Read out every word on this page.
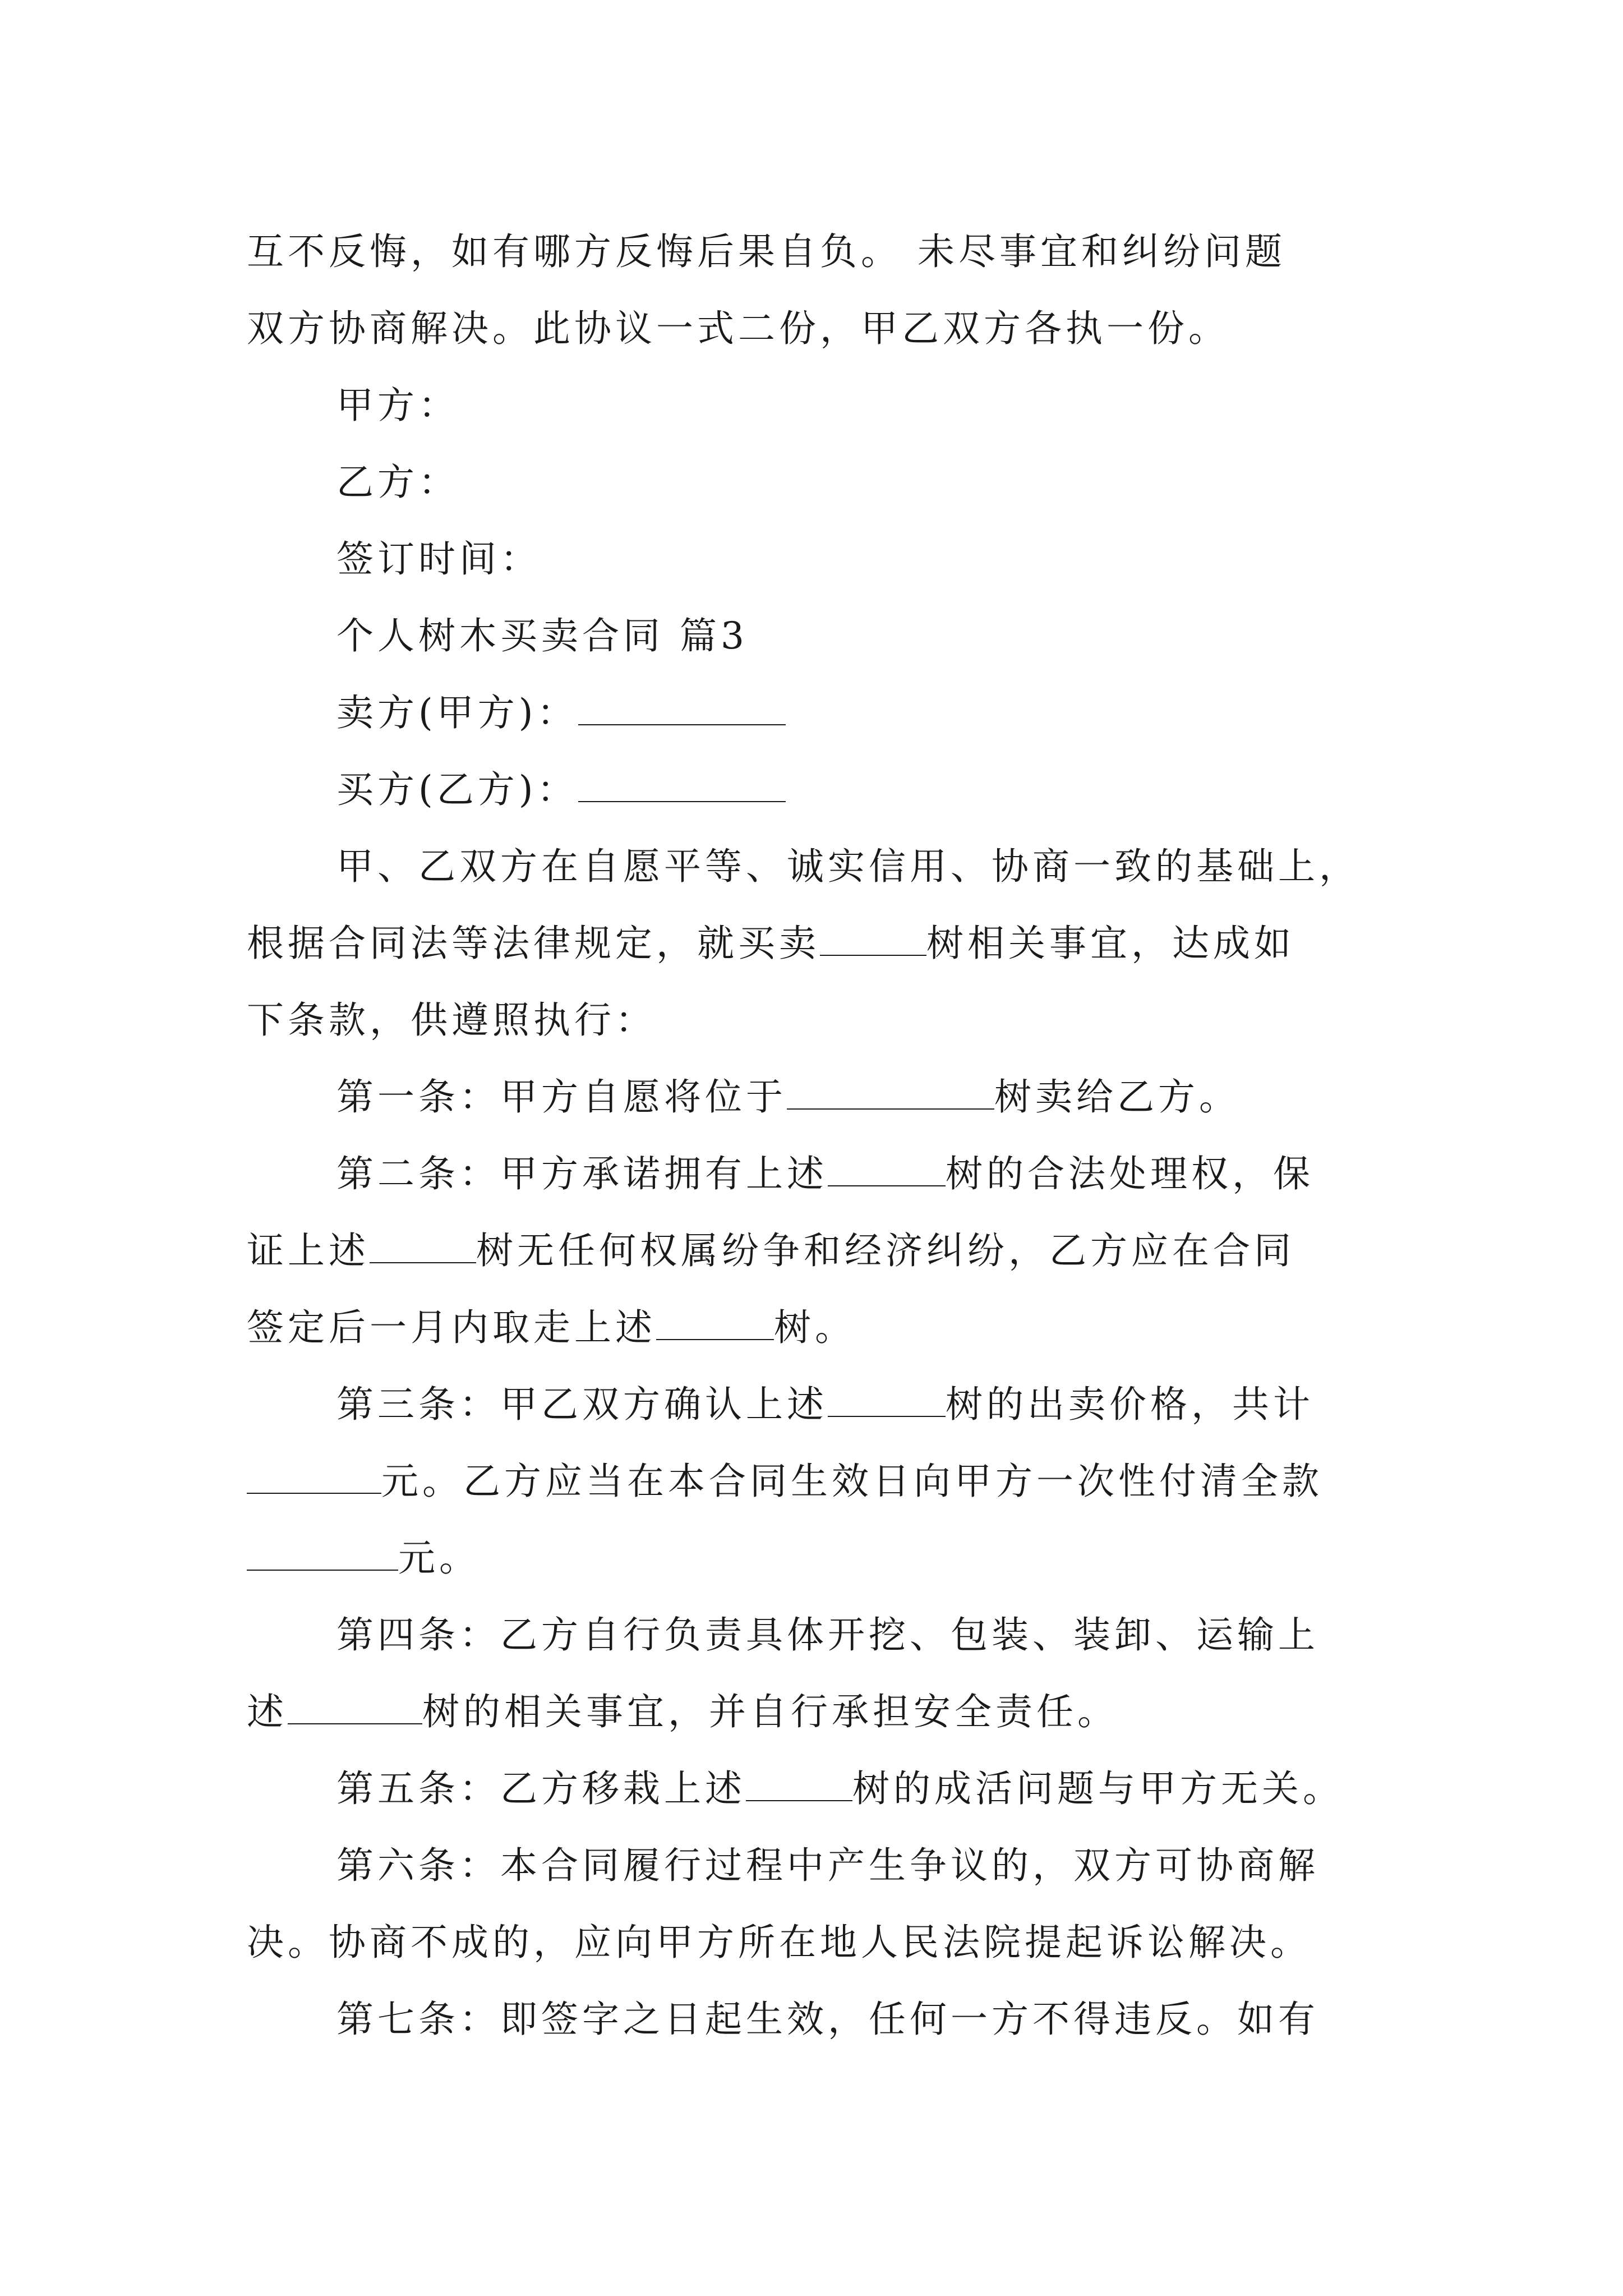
互不反悔，如有哪方反悔后果自负。 未尽事宜和纠纷问题
双方协商解决。此协议一式二份，甲乙双方各执一份。
甲方：
乙方：
签订时间：
个人树木买卖合同 篇3
卖方(甲方)：
买方(乙方)：
甲、乙双方在自愿平等、诚实信用、协商一致的基础上，
根据合同法等法律规定，就买卖	树相关事宜，达成如
下条款，供遵照执行：
第一条：甲方自愿将位于	树卖给乙方。
第二条：甲方承诺拥有上述	树的合法处理权，保
证上述	树无任何权属纷争和经济纠纷，乙方应在合同
签定后一月内取走上述	树。
第三条：甲乙双方确认上述	树的出卖价格，共计
元。乙方应当在本合同生效日向甲方一次性付清全款
元。
第四条：乙方自行负责具体开挖、包装、装卸、运输上
述	树的相关事宜，并自行承担安全责任。
第五条：乙方移栽上述	树的成活问题与甲方无关。
第六条：本合同履行过程中产生争议的，双方可协商解
决。协商不成的，应向甲方所在地人民法院提起诉讼解决。
第七条：即签字之日起生效，任何一方不得违反。如有
